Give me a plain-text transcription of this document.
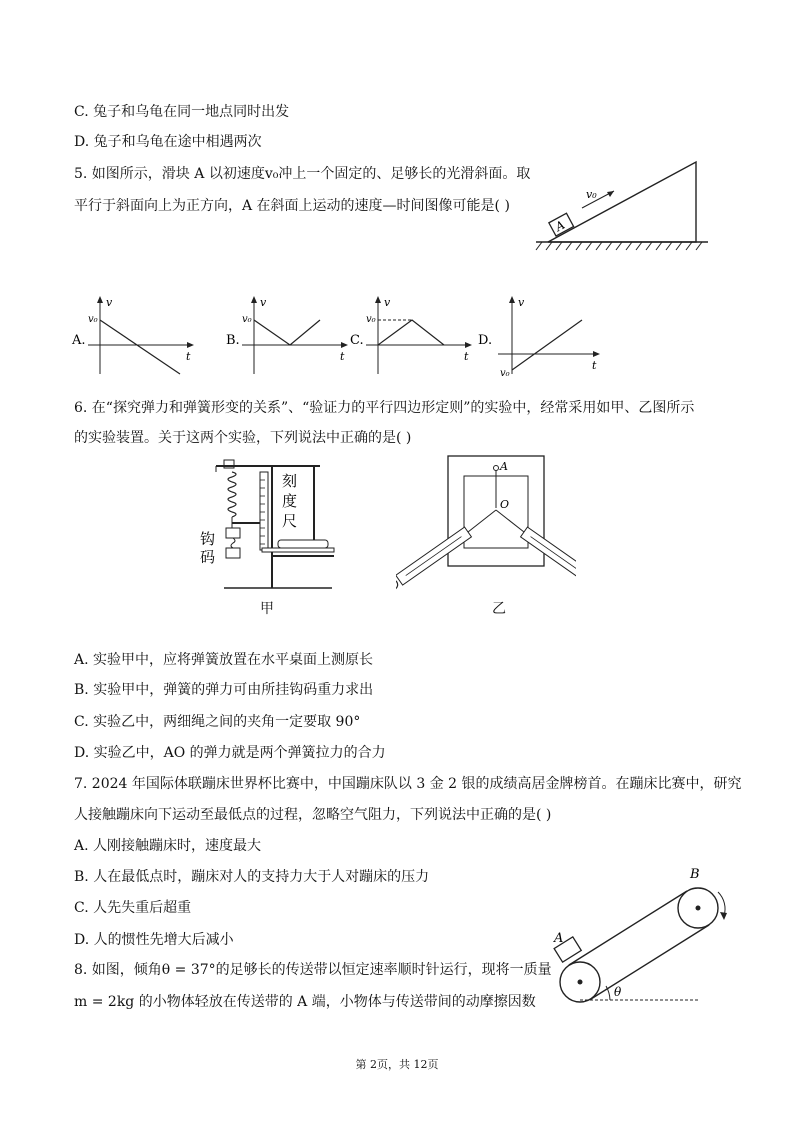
C. 兔子和乌龟在同一地点同时出发
D. 兔子和乌龟在途中相遇两次
5. 如图所示，滑块 A 以初速度v₀冲上一个固定的、足够长的光滑斜面。取
平行于斜面向上为正方向，A 在斜面上运动的速度—时间图像可能是( )
A
v₀
A.
v
t
v₀
B.
v
t
v₀
C.
v
t
v₀
D.
v
t
v₀
6. 在“探究弹力和弹簧形变的关系”、“验证力的平行四边形定则”的实验中，经常采用如甲、乙图所示
的实验装置。关于这两个实验，下列说法中正确的是( )
刻
度
尺
钩
码
甲
A
O
乙
A. 实验甲中，应将弹簧放置在水平桌面上测原长
B. 实验甲中，弹簧的弹力可由所挂钩码重力求出
C. 实验乙中，两细绳之间的夹角一定要取 90°
D. 实验乙中，AO 的弹力就是两个弹簧拉力的合力
7. 2024 年国际体联蹦床世界杯比赛中，中国蹦床队以 3 金 2 银的成绩高居金牌榜首。在蹦床比赛中，研究
人接触蹦床向下运动至最低点的过程，忽略空气阻力，下列说法中正确的是( )
A. 人刚接触蹦床时，速度最大
B. 人在最低点时，蹦床对人的支持力大于人对蹦床的压力
C. 人先失重后超重
D. 人的惯性先增大后减小
8. 如图，倾角θ = 37°的足够长的传送带以恒定速率顺时针运行，现将一质量
m = 2kg 的小物体轻放在传送带的 A 端，小物体与传送带间的动摩擦因数
θ
A
B
第 2页，共 12页
